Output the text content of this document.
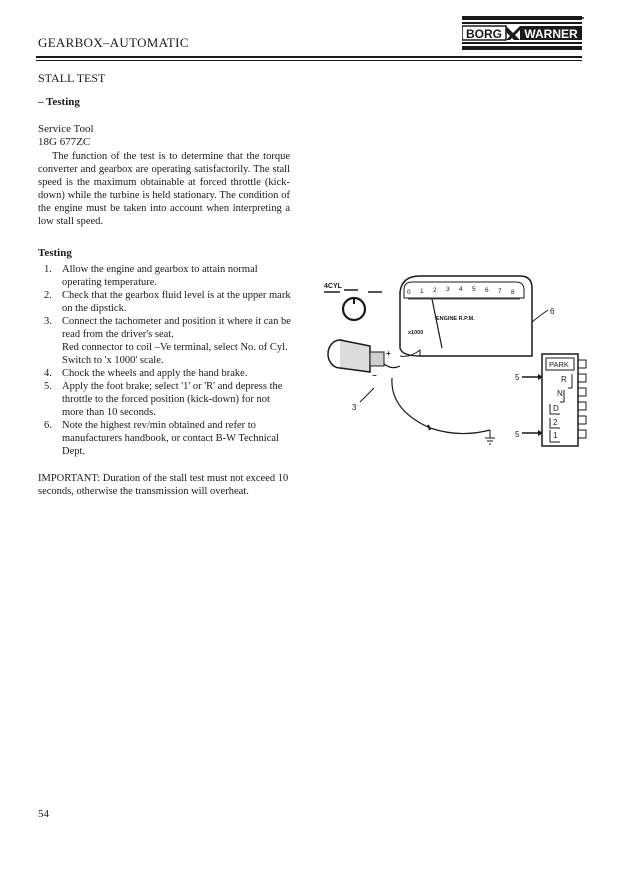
GEARBOX–AUTOMATIC
BORG WARNER
STALL TEST
– Testing
Service Tool
18G 677ZC
The function of the test is to determine that the torque converter and gearbox are operating satisfactorily. The stall speed is the maximum obtainable at forced throttle (kick-down) while the turbine is held stationary. The condition of the engine must be taken into account when interpreting a low stall speed.
Testing
1. Allow the engine and gearbox to attain normal operating temperature.
2. Check that the gearbox fluid level is at the upper mark on the dipstick.
3. Connect the tachometer and position it where it can be read from the driver's seat.
Red connector to coil –Ve terminal, select No. of Cyl.
Switch to 'x 1000' scale.
4. Chock the wheels and apply the hand brake.
5. Apply the foot brake; select '1' or 'R' and depress the throttle to the forced position (kick-down) for not more than 10 seconds.
6. Note the highest rev/min obtained and refer to manufacturers handbook, or contact B-W Technical Dept.
IMPORTANT: Duration of the stall test must not exceed 10 seconds, otherwise the transmission will overheat.
4CYL
0 1 2 3 4 5 6 7 8
ENGINE R.P.M.
x1000
6
+
−
3
5
5
PARK
R
N
D
2
1
54
